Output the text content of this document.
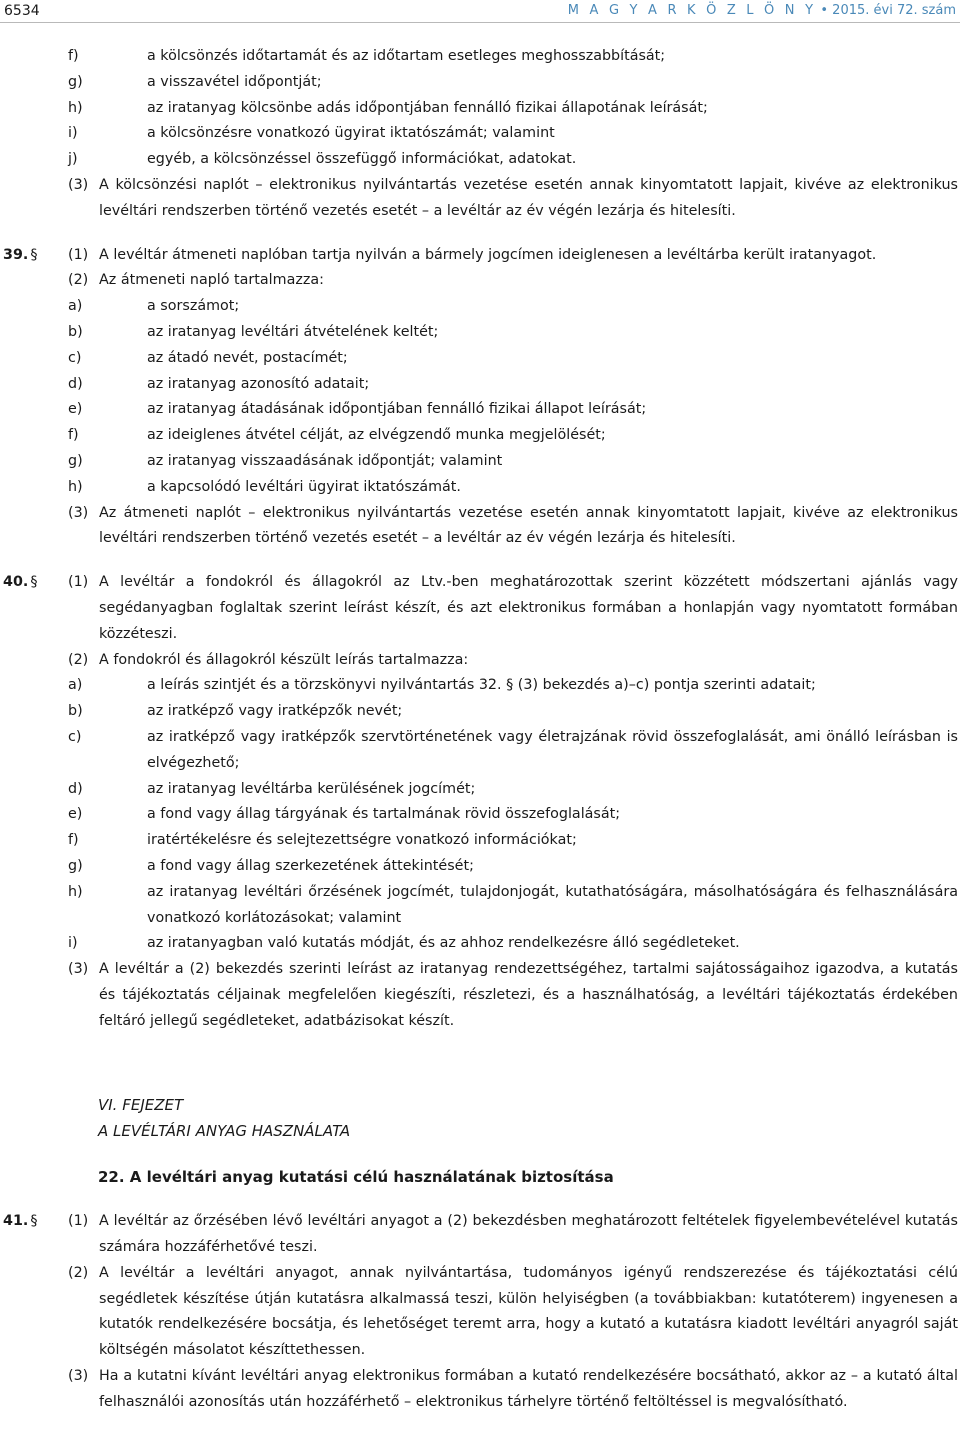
6534	M A G Y A R K Ö Z L Ö N Y • 2015. évi 72. szám
f)	a kölcsönzés időtartamát és az időtartam esetleges meghosszabbítását;
g)	a visszavétel időpontját;
h)	az iratanyag kölcsönbe adás időpontjában fennálló fizikai állapotának leírását;
i)	a kölcsönzésre vonatkozó ügyirat iktatószámát; valamint
j)	egyéb, a kölcsönzéssel összefüggő információkat, adatokat.
(3) A kölcsönzési naplót – elektronikus nyilvántartás vezetése esetén annak kinyomtatott lapjait, kivéve az elektronikus levéltári rendszerben történő vezetés esetét – a levéltár az év végén lezárja és hitelesíti.
39. § (1) A levéltár átmeneti naplóban tartja nyilván a bármely jogcímen ideiglenesen a levéltárba került iratanyagot.
(2) Az átmeneti napló tartalmazza:
a)	a sorszámot;
b)	az iratanyag levéltári átvételének keltét;
c)	az átadó nevét, postacímét;
d)	az iratanyag azonosító adatait;
e)	az iratanyag átadásának időpontjában fennálló fizikai állapot leírását;
f)	az ideiglenes átvétel célját, az elvégzendő munka megjelölését;
g)	az iratanyag visszaadásának időpontját; valamint
h)	a kapcsolódó levéltári ügyirat iktatószámát.
(3) Az átmeneti naplót – elektronikus nyilvántartás vezetése esetén annak kinyomtatott lapjait, kivéve az elektronikus levéltári rendszerben történő vezetés esetét – a levéltár az év végén lezárja és hitelesíti.
40. § (1) A levéltár a fondokról és állagokról az Ltv.-ben meghatározottak szerint közzétett módszertani ajánlás vagy segédanyagban foglaltak szerint leírást készít, és azt elektronikus formában a honlapján vagy nyomtatott formában közzéteszi.
(2) A fondokról és állagokról készült leírás tartalmazza:
a)	a leírás szintjét és a törzskönyvi nyilvántartás 32. § (3) bekezdés a)–c) pontja szerinti adatait;
b)	az iratképző vagy iratképzők nevét;
c)	az iratképző vagy iratképzők szervtörténetének vagy életrajzának rövid összefoglalását, ami önálló leírásban is elvégezhető;
d)	az iratanyag levéltárba kerülésének jogcímét;
e)	a fond vagy állag tárgyának és tartalmának rövid összefoglalását;
f)	iratértékelésre és selejtezettségre vonatkozó információkat;
g)	a fond vagy állag szerkezetének áttekintését;
h)	az iratanyag levéltári őrzésének jogcímét, tulajdonjogát, kutathatóságára, másolhatóságára és felhasználására vonatkozó korlátozásokat; valamint
i)	az iratanyagban való kutatás módját, és az ahhoz rendelkezésre álló segédleteket.
(3) A levéltár a (2) bekezdés szerinti leírást az iratanyag rendezettségéhez, tartalmi sajátosságaihoz igazodva, a kutatás és tájékoztatás céljainak megfelelően kiegészíti, részletezi, és a használhatóság, a levéltári tájékoztatás érdekében feltáró jellegű segédleteket, adatbázisokat készít.
VI. FEJEZET
A LEVÉLTÁRI ANYAG HASZNÁLATA
22. A levéltári anyag kutatási célú használatának biztosítása
41. § (1) A levéltár az őrzésében lévő levéltári anyagot a (2) bekezdésben meghatározott feltételek figyelembevételével kutatás számára hozzáférhetővé teszi.
(2) A levéltár a levéltári anyagot, annak nyilvántartása, tudományos igényű rendszerezése és tájékoztatási célú segédletek készítése útján kutatásra alkalmassá teszi, külön helyiségben (a továbbiakban: kutatóterem) ingyenesen a kutatók rendelkezésére bocsátja, és lehetőséget teremt arra, hogy a kutató a kutatásra kiadott levéltári anyagról saját költségén másolatot készíttethessen.
(3) Ha a kutatni kívánt levéltári anyag elektronikus formában a kutató rendelkezésére bocsátható, akkor az – a kutató által felhasználói azonosítás után hozzáférhető – elektronikus tárhelyre történő feltöltéssel is megvalósítható.
